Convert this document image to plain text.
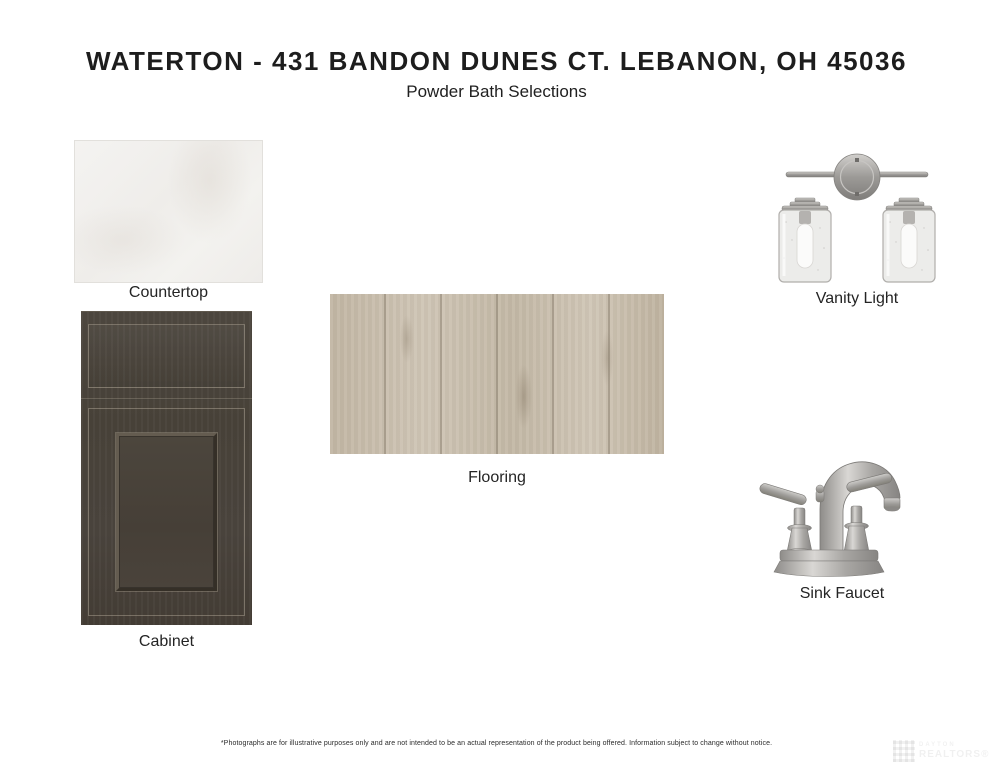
WATERTON - 431 BANDON DUNES CT. LEBANON, OH 45036
Powder Bath Selections
Countertop
Cabinet
Flooring
Vanity Light
Sink Faucet
*Photographs are for illustrative purposes only and are not intended to be an actual representation of the product being offered. Information subject to change without notice.	DAYTON
REALTORS®
